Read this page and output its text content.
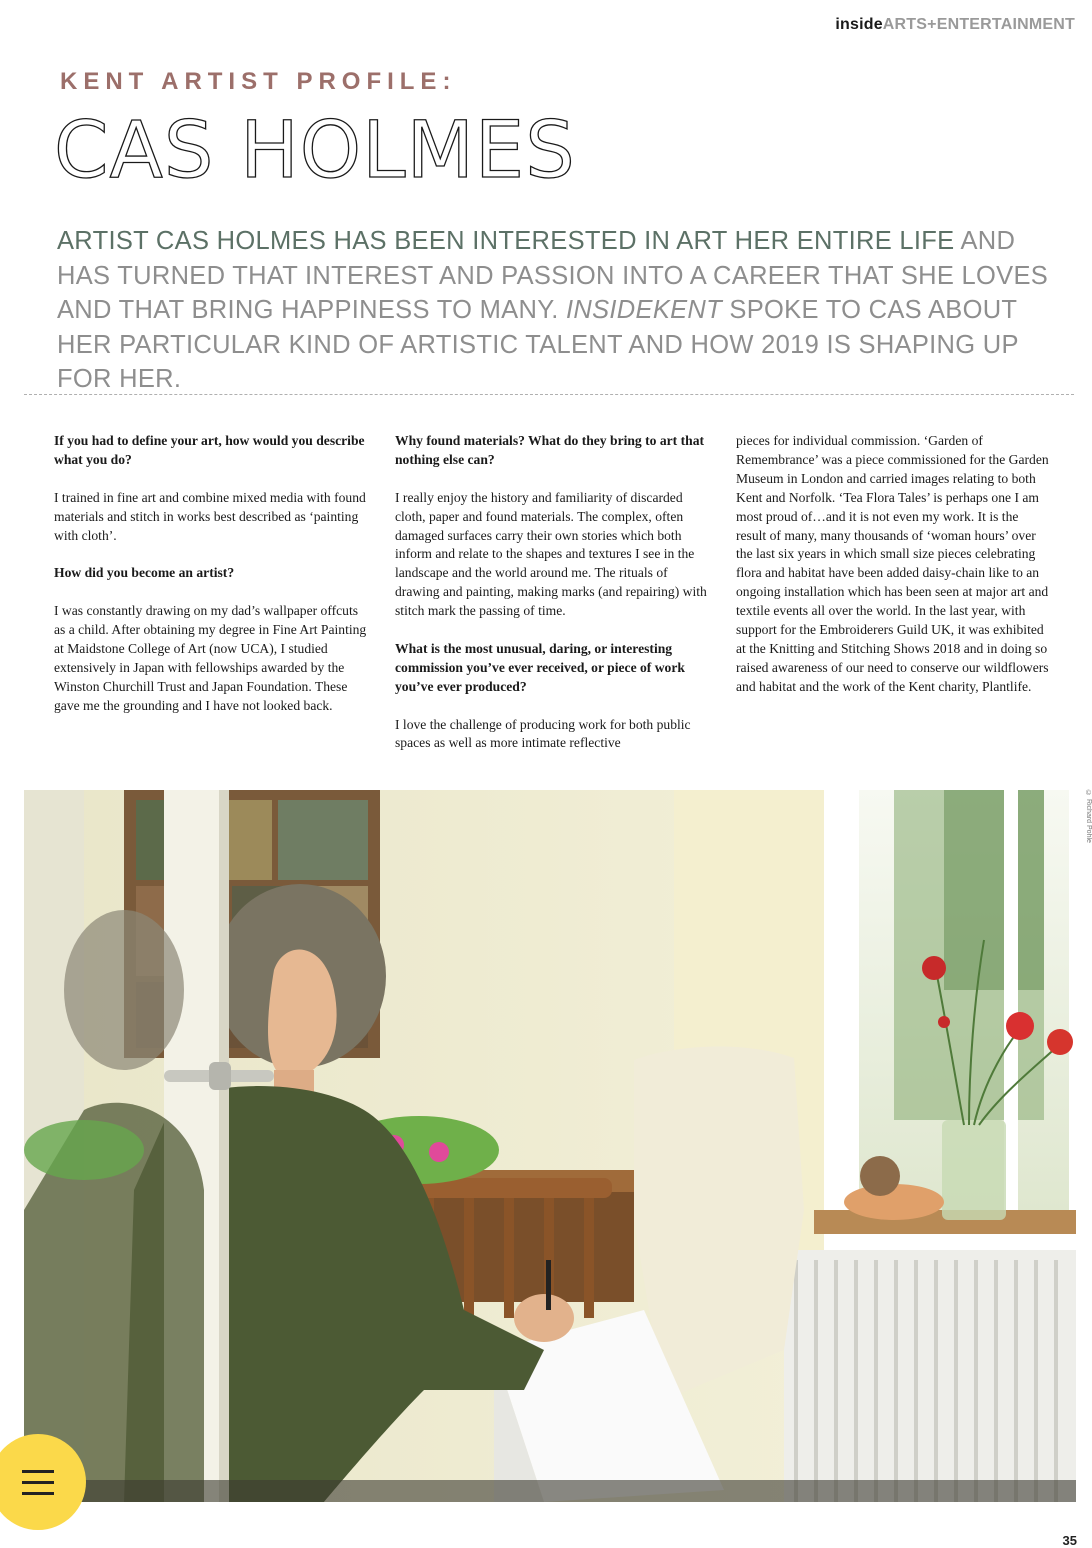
insideARTS+ENTERTAINMENT
KENT ARTIST PROFILE:
CAS HOLMES
ARTIST CAS HOLMES HAS BEEN INTERESTED IN ART HER ENTIRE LIFE AND HAS TURNED THAT INTEREST AND PASSION INTO A CAREER THAT SHE LOVES AND THAT BRING HAPPINESS TO MANY. INSIDEKENT SPOKE TO CAS ABOUT HER PARTICULAR KIND OF ARTISTIC TALENT AND HOW 2019 IS SHAPING UP FOR HER.

If you had to define your art, how would you describe what you do?

I trained in fine art and combine mixed media with found materials and stitch in works best described as ‘painting with cloth’.

How did you become an artist?

I was constantly drawing on my dad’s wallpaper offcuts as a child. After obtaining my degree in Fine Art Painting at Maidstone College of Art (now UCA), I studied extensively in Japan with fellowships awarded by the Winston Churchill Trust and Japan Foundation. These gave me the grounding and I have not looked back.

Why found materials? What do they bring to art that nothing else can?

I really enjoy the history and familiarity of discarded cloth, paper and found materials. The complex, often damaged surfaces carry their own stories which both inform and relate to the shapes and textures I see in the landscape and the world around me. The rituals of drawing and painting, making marks (and repairing) with stitch mark the passing of time.

What is the most unusual, daring, or interesting commission you’ve ever received, or piece of work you’ve ever produced?

I love the challenge of producing work for both public spaces as well as more intimate reflective

pieces for individual commission. ‘Garden of Remembrance’ was a piece commissioned for the Garden Museum in London and carried images relating to both Kent and Norfolk. ‘Tea Flora Tales’ is perhaps one I am most proud of…and it is not even my work. It is the result of many, many thousands of ‘woman hours’ over the last six years in which small size pieces celebrating flora and habitat have been added daisy-chain like to an ongoing installation which has been seen at major art and textile events all over the world. In the last year, with support for the Embroiderers Guild UK, it was exhibited at the Knitting and Stitching Shows 2018 and in doing so raised awareness of our need to conserve our wildflowers and habitat and the work of the Kent charity, Plantlife.

© Richard Pohle
35
